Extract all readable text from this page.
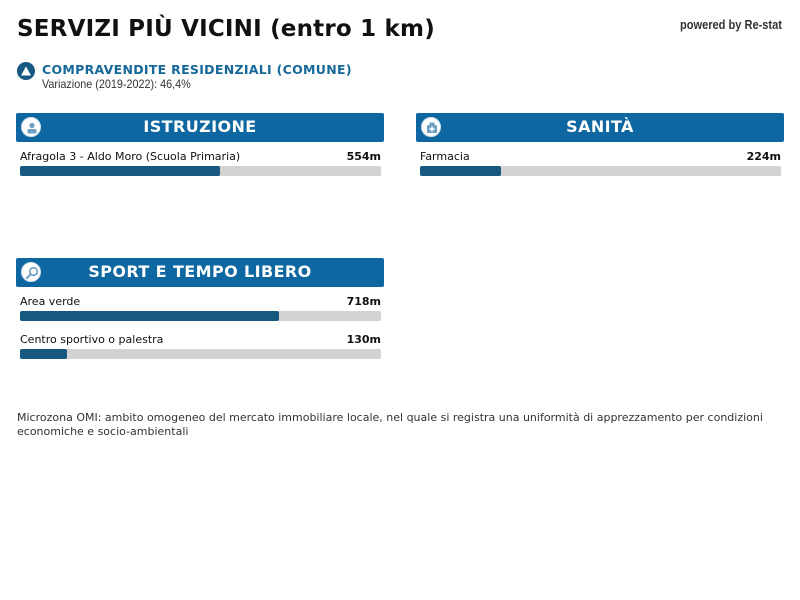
SERVIZI PIÙ VICINI (entro 1 km)	powered by Re-stat
COMPRAVENDITE RESIDENZIALI (COMUNE)
Variazione (2019-2022): 46,4%
ISTRUZIONE
Afragola 3 - Aldo Moro (Scuola Primaria)	554m
SANITÀ
Farmacia	224m
SPORT E TEMPO LIBERO
Area verde	718m
Centro sportivo o palestra	130m
Microzona OMI: ambito omogeneo del mercato immobiliare locale, nel quale si registra una uniformità di apprezzamento per condizioni economiche e socio-ambientali
